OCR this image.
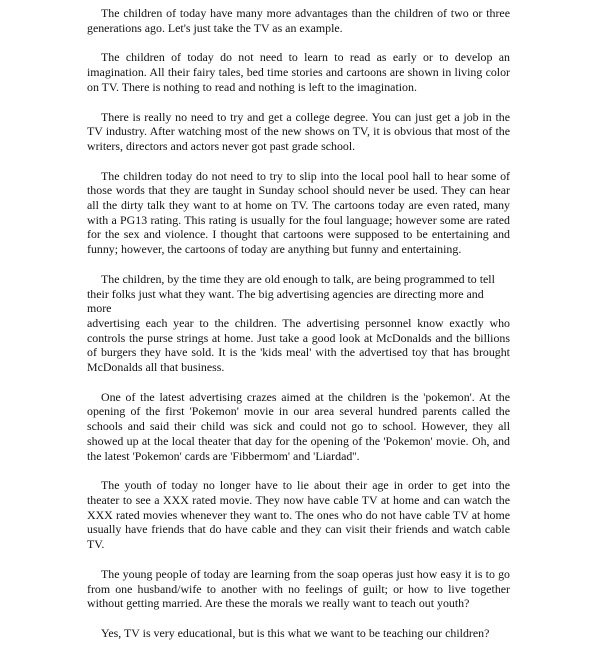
The children of today have many more advantages than the children of two or three generations ago. Let's just take the TV as an example.

The children of today do not need to learn to read as early or to develop an imagination. All their fairy tales, bed time stories and cartoons are shown in living color on TV. There is nothing to read and nothing is left to the imagination.

There is really no need to try and get a college degree. You can just get a job in the TV industry. After watching most of the new shows on TV, it is obvious that most of the writers, directors and actors never got past grade school.

The children today do not need to try to slip into the local pool hall to hear some of those words that they are taught in Sunday school should never be used. They can hear all the dirty talk they want to at home on TV. The cartoons today are even rated, many with a PG13 rating. This rating is usually for the foul language; however some are rated for the sex and violence. I thought that cartoons were supposed to be entertaining and funny; however, the cartoons of today are anything but funny and entertaining.

The children, by the time they are old enough to talk, are being programmed to tell their folks just what they want. The big advertising agencies are directing more and more

advertising each year to the children. The advertising personnel know exactly who controls the purse strings at home. Just take a good look at McDonalds and the billions of burgers they have sold. It is the 'kids meal' with the advertised toy that has brought McDonalds all that business.

One of the latest advertising crazes aimed at the children is the 'pokemon'. At the opening of the first 'Pokemon' movie in our area several hundred parents called the schools and said their child was sick and could not go to school. However, they all showed up at the local theater that day for the opening of the 'Pokemon' movie. Oh, and the latest 'Pokemon' cards are 'Fibbermom' and 'Liardad''.

The youth of today no longer have to lie about their age in order to get into the theater to see a XXX rated movie. They now have cable TV at home and can watch the XXX rated movies whenever they want to. The ones who do not have cable TV at home usually have friends that do have cable and they can visit their friends and watch cable TV.

The young people of today are learning from the soap operas just how easy it is to go from one husband/wife to another with no feelings of guilt; or how to live together without getting married. Are these the morals we really want to teach out youth?

Yes, TV is very educational, but is this what we want to be teaching our children?
